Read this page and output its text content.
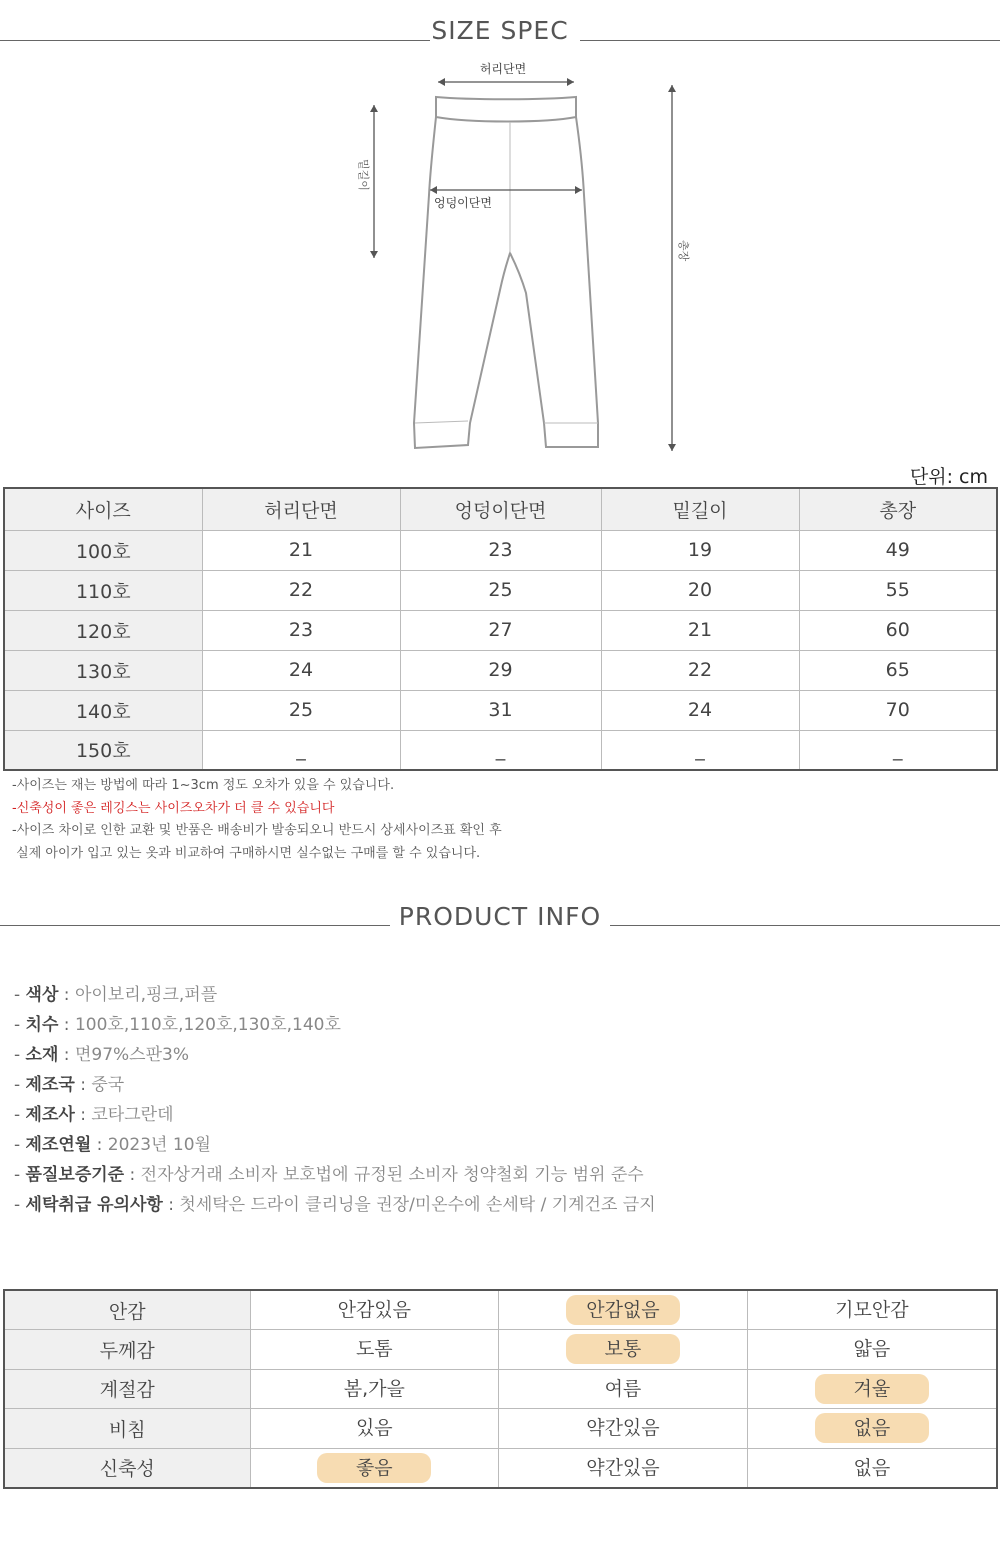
SIZE SPEC
허리단면
엉덩이단면
밑길이
총장
단위: cm
사이즈	허리단면	엉덩이단면	밑길이	총장
100호	21	23	19	49
110호	22	25	20	55
120호	23	27	21	60
130호	24	29	22	65
140호	25	31	24	70
150호	_	_	_	_
-사이즈는 재는 방법에 따라 1~3cm 정도 오차가 있을 수 있습니다.
-신축성이 좋은 레깅스는 사이즈오차가 더 클 수 있습니다
-사이즈 차이로 인한 교환 및 반품은 배송비가 발송되오니 반드시 상세사이즈표 확인 후
실제 아이가 입고 있는 옷과 비교하여 구매하시면 실수없는 구매를 할 수 있습니다.
PRODUCT INFO
- 색상 : 아이보리,핑크,퍼플
- 치수 : 100호,110호,120호,130호,140호
- 소재 : 면97%스판3%
- 제조국 : 중국
- 제조사 : 코타그란데
- 제조연월 : 2023년 10월
- 품질보증기준 : 전자상거래 소비자 보호법에 규정된 소비자 청약철회 기능 범위 준수
- 세탁취급 유의사항 : 첫세탁은 드라이 클리닝을 권장/미온수에 손세탁 / 기계건조 금지
안감	안감있음	안감없음	기모안감
두께감	도톰	보통	얇음
계절감	봄,가을	여름	겨울
비침	있음	약간있음	없음
신축성	좋음	약간있음	없음
